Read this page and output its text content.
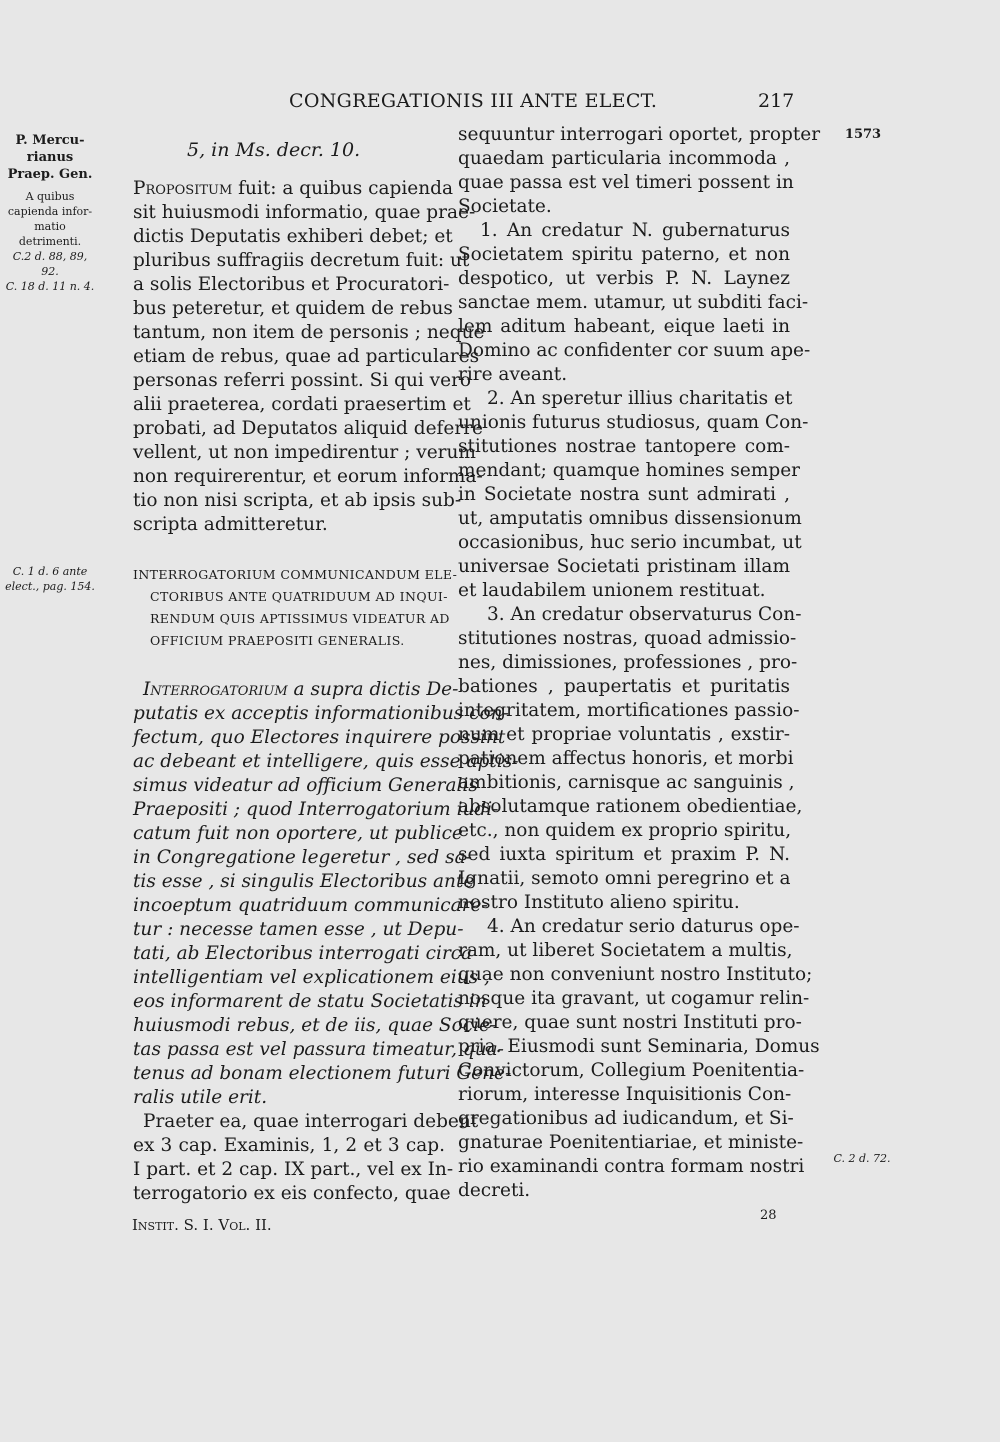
CONGREGATIONIS III ANTE ELECT.	217
P. Mercu-
rianus
Praep. Gen.
A quibus
capienda infor-
matio
detrimenti.
C.2 d. 88, 89, 92.
C. 18 d. 11 n. 4.
C. 1 d. 6 ante
elect., pag. 154.
1573
C. 2 d. 72.
5, in Ms. decr. 10.
Propositum fuit: a quibus capienda
sit huiusmodi informatio, quae prae-
dictis Deputatis exhiberi debet; et
pluribus suffragiis decretum fuit: ut
a solis Electoribus et Procuratori-
bus peteretur, et quidem de rebus
tantum, non item de personis ; neque
etiam de rebus, quae ad particulares
personas referri possint. Si qui vero
alii praeterea, cordati praesertim et
probati, ad Deputatos aliquid deferre
vellent, ut non impedirentur ; verum
non requirerentur, et eorum informa-
tio non nisi scripta, et ab ipsis sub-
scripta admitteretur.
INTERROGATORIUM COMMUNICANDUM ELE-
CTORIBUS ANTE QUATRIDUUM AD INQUI-
RENDUM QUIS APTISSIMUS VIDEATUR AD
OFFICIUM PRAEPOSITI GENERALIS.
Interrogatorium a supra dictis De-
putatis ex acceptis informationibus con-
fectum, quo Electores inquirere possint
ac debeant et intelligere, quis esse aptis-
simus videatur ad officium Generalis
Praepositi ; quod Interrogatorium iudi-
catum fuit non oportere, ut publice
in Congregatione legeretur , sed sa-
tis esse , si singulis Electoribus ante
incoeptum quatriduum communicare-
tur : necesse tamen esse , ut Depu-
tati, ab Electoribus interrogati circa
intelligentiam vel explicationem eius ,
eos informarent de statu Societatis in
huiusmodi rebus, et de iis, quae Socie-
tas passa est vel passura timeatur, qua-
tenus ad bonam electionem futuri Gene-
ralis utile erit.
Praeter ea, quae interrogari debent
ex 3 cap. Examinis, 1, 2 et 3 cap.
I part. et 2 cap. IX part., vel ex In-
terrogatorio ex eis confecto, quae
sequuntur interrogari oportet, propter
quaedam particularia incommoda ,
quae passa est vel timeri possent in
Societate.
1. An credatur N. gubernaturus
Societatem spiritu paterno, et non
despotico, ut verbis P. N. Laynez
sanctae mem. utamur, ut subditi faci-
lem aditum habeant, eique laeti in
Domino ac confidenter cor suum ape-
rire aveant.
2. An speretur illius charitatis et
unionis futurus studiosus, quam Con-
stitutiones nostrae tantopere com-
mendant; quamque homines semper
in Societate nostra sunt admirati ,
ut, amputatis omnibus dissensionum
occasionibus, huc serio incumbat, ut
universae Societati pristinam illam
et laudabilem unionem restituat.
3. An credatur observaturus Con-
stitutiones nostras, quoad admissio-
nes, dimissiones, professiones , pro-
bationes , paupertatis et puritatis
integritatem, mortificationes passio-
num et propriae voluntatis , exstir-
pationem affectus honoris, et morbi
ambitionis, carnisque ac sanguinis ,
absolutamque rationem obedientiae,
etc., non quidem ex proprio spiritu,
sed iuxta spiritum et praxim P. N.
Ignatii, semoto omni peregrino et a
nostro Instituto alieno spiritu.
4. An credatur serio daturus ope-
ram, ut liberet Societatem a multis,
quae non conveniunt nostro Instituto;
nosque ita gravant, ut cogamur relin-
quere, quae sunt nostri Instituti pro-
pria. Eiusmodi sunt Seminaria, Domus
Convictorum, Collegium Poenitentia-
riorum, interesse Inquisitionis Con-
gregationibus ad iudicandum, et Si-
gnaturae Poenitentiariae, et ministe-
rio examinandi contra formam nostri
decreti.
28
Instit. S. I. Vol. II.
